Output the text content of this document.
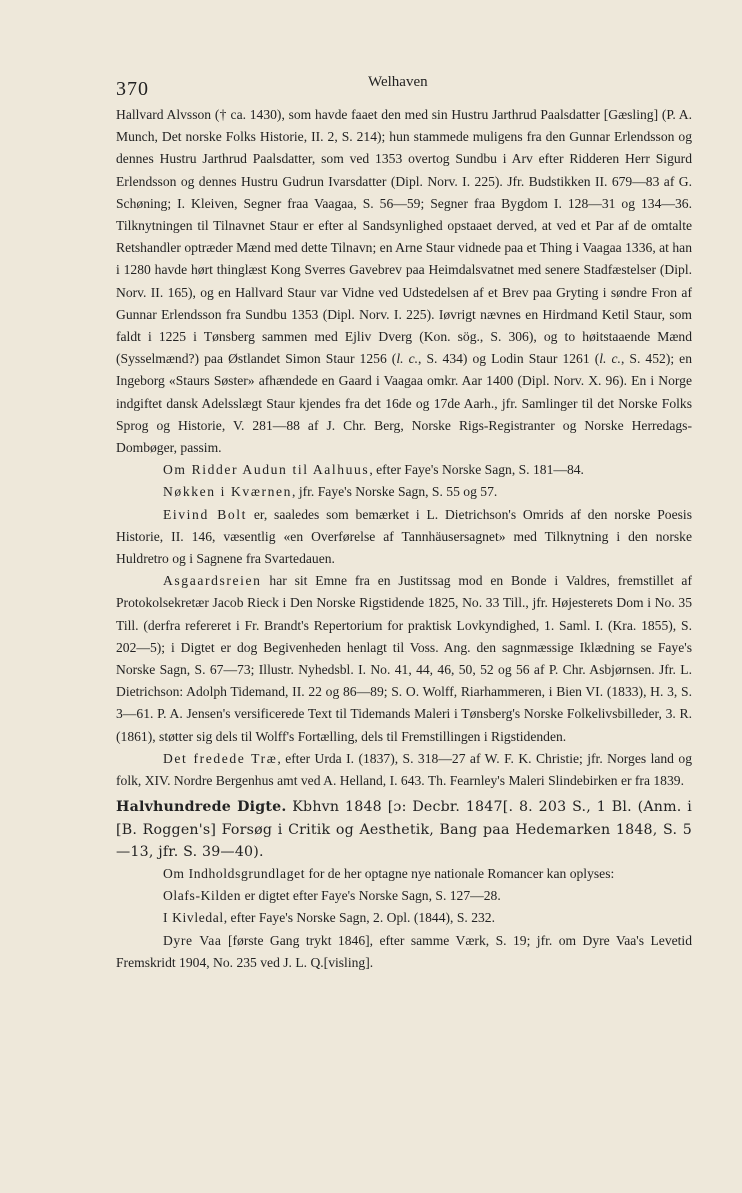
370	Welhaven

Hallvard Alvsson († ca. 1430), som havde faaet den med sin Hustru Jarthrud Paalsdatter [Gæsling] (P. A. Munch, Det norske Folks Historie, II. 2, S. 214); hun stammede muligens fra den Gunnar Erlendsson og dennes Hustru Jarthrud Paalsdatter, som ved 1353 overtog Sundbu i Arv efter Ridderen Herr Sigurd Erlendsson og dennes Hustru Gudrun Ivarsdatter (Dipl. Norv. I. 225). Jfr. Budstikken II. 679—83 af G. Schøning; I. Kleiven, Segner fraa Vaagaa, S. 56—59; Segner fraa Bygdom I. 128—31 og 134—36. Tilknytningen til Tilnavnet Staur er efter al Sandsynlighed opstaaet derved, at ved et Par af de omtalte Retshandler optræder Mænd med dette Tilnavn; en Arne Staur vidnede paa et Thing i Vaagaa 1336, at han i 1280 havde hørt thinglæst Kong Sverres Gavebrev paa Heimdalsvatnet med senere Stadfæstelser (Dipl. Norv. II. 165), og en Hallvard Staur var Vidne ved Udstedelsen af et Brev paa Gryting i søndre Fron af Gunnar Erlendsson fra Sundbu 1353 (Dipl. Norv. I. 225). Iøvrigt nævnes en Hirdmand Ketil Staur, som faldt i 1225 i Tønsberg sammen med Ejliv Dverg (Kon. sög., S. 306), og to høitstaaende Mænd (Sysselmænd?) paa Østlandet Simon Staur 1256 (l. c., S. 434) og Lodin Staur 1261 (l. c., S. 452); en Ingeborg «Staurs Søster» afhændede en Gaard i Vaagaa omkr. Aar 1400 (Dipl. Norv. X. 96). En i Norge indgiftet dansk Adelsslægt Staur kjendes fra det 16de og 17de Aarh., jfr. Samlinger til det Norske Folks Sprog og Historie, V. 281—88 af J. Chr. Berg, Norske Rigs-Registranter og Norske Herredags-Dombøger, passim.

Om Ridder Audun til Aalhuus, efter Faye's Norske Sagn, S. 181—84.

Nøkken i Kværnen, jfr. Faye's Norske Sagn, S. 55 og 57.

Eivind Bolt er, saaledes som bemærket i L. Dietrichson's Omrids af den norske Poesis Historie, II. 146, væsentlig «en Overførelse af Tannhäusersagnet» med Tilknytning i den norske Huldretro og i Sagnene fra Svartedauen.

Asgaardsreien har sit Emne fra en Justitssag mod en Bonde i Valdres, fremstillet af Protokolsekretær Jacob Rieck i Den Norske Rigstidende 1825, No. 33 Till., jfr. Højesterets Dom i No. 35 Till. (derfra refereret i Fr. Brandt's Repertorium for praktisk Lovkyndighed, 1. Saml. I. (Kra. 1855), S. 202—5); i Digtet er dog Begivenheden henlagt til Voss. Ang. den sagnmæssige Iklædning se Faye's Norske Sagn, S. 67—73; Illustr. Nyhedsbl. I. No. 41, 44, 46, 50, 52 og 56 af P. Chr. Asbjørnsen. Jfr. L. Dietrichson: Adolph Tidemand, II. 22 og 86—89; S. O. Wolff, Riarhammeren, i Bien VI. (1833), H. 3, S. 3—61. P. A. Jensen's versificerede Text til Tidemands Maleri i Tønsberg's Norske Folkelivsbilleder, 3. R. (1861), støtter sig dels til Wolff's Fortælling, dels til Fremstillingen i Rigstidenden.

Det fredede Træ, efter Urda I. (1837), S. 318—27 af W. F. K. Christie; jfr. Norges land og folk, XIV. Nordre Bergenhus amt ved A. Helland, I. 643. Th. Fearnley's Maleri Slindebirken er fra 1839.

Halvhundrede Digte. Kbhvn 1848 [ɔ: Decbr. 1847[. 8. 203 S., 1 Bl. (Anm. i [B. Roggen's] Forsøg i Critik og Aesthetik, Bang paa Hedemarken 1848, S. 5—13, jfr. S. 39—40).

Om Indholdsgrundlaget for de her optagne nye nationale Romancer kan oplyses:

Olafs-Kilden er digtet efter Faye's Norske Sagn, S. 127—28.

I Kivledal, efter Faye's Norske Sagn, 2. Opl. (1844), S. 232.

Dyre Vaa [første Gang trykt 1846], efter samme Værk, S. 19; jfr. om Dyre Vaa's Levetid Fremskridt 1904, No. 235 ved J. L. Q.[visling].
